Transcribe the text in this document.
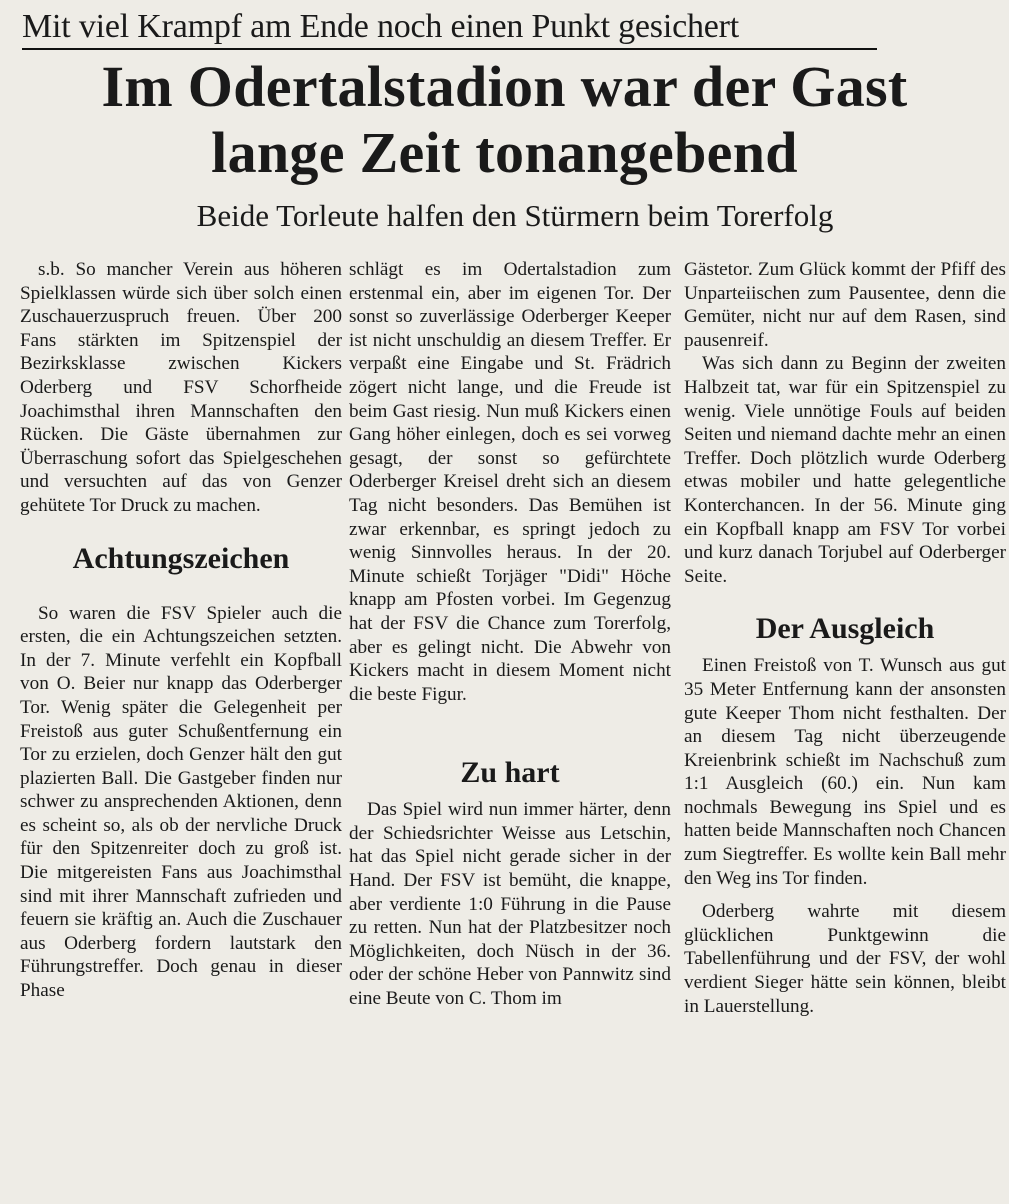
Mit viel Krampf am Ende noch einen Punkt gesichert
Im Odertalstadion war der Gast
lange Zeit tonangebend
Beide Torleute halfen den Stürmern beim Torerfolg

s.b. So mancher Verein aus höheren Spielklassen würde sich über solch einen Zuschauerzuspruch freuen. Über 200 Fans stärkten im Spitzenspiel der Bezirksklasse zwischen Kickers Oderberg und FSV Schorfheide Joachimsthal ihren Mannschaften den Rücken. Die Gäste übernahmen zur Überraschung sofort das Spielgeschehen und versuchten auf das von Genzer gehütete Tor Druck zu machen.

Achtungszeichen

So waren die FSV Spieler auch die ersten, die ein Achtungszeichen setzten. In der 7. Minute verfehlt ein Kopfball von O. Beier nur knapp das Oderberger Tor. Wenig später die Gelegenheit per Freistoß aus guter Schußentfernung ein Tor zu erzielen, doch Genzer hält den gut plazierten Ball. Die Gastgeber finden nur schwer zu ansprechenden Aktionen, denn es scheint so, als ob der nervliche Druck für den Spitzenreiter doch zu groß ist. Die mitgereisten Fans aus Joachimsthal sind mit ihrer Mannschaft zufrieden und feuern sie kräftig an. Auch die Zuschauer aus Oderberg fordern lautstark den Führungstreffer. Doch genau in dieser Phase

schlägt es im Odertalstadion zum erstenmal ein, aber im eigenen Tor. Der sonst so zuverlässige Oderberger Keeper ist nicht unschuldig an diesem Treffer. Er verpaßt eine Eingabe und St. Frädrich zögert nicht lange, und die Freude ist beim Gast riesig. Nun muß Kickers einen Gang höher einlegen, doch es sei vorweg gesagt, der sonst so gefürchtete Oderberger Kreisel dreht sich an diesem Tag nicht besonders. Das Bemühen ist zwar erkennbar, es springt jedoch zu wenig Sinnvolles heraus. In der 20. Minute schießt Torjäger "Didi" Höche knapp am Pfosten vorbei. Im Gegenzug hat der FSV die Chance zum Torerfolg, aber es gelingt nicht. Die Abwehr von Kickers macht in diesem Moment nicht die beste Figur.

Zu hart

Das Spiel wird nun immer härter, denn der Schiedsrichter Weisse aus Letschin, hat das Spiel nicht gerade sicher in der Hand. Der FSV ist bemüht, die knappe, aber verdiente 1:0 Führung in die Pause zu retten. Nun hat der Platzbesitzer noch Möglichkeiten, doch Nüsch in der 36. oder der schöne Heber von Pannwitz sind eine Beute von C. Thom im

Gästetor. Zum Glück kommt der Pfiff des Unparteiischen zum Pausentee, denn die Gemüter, nicht nur auf dem Rasen, sind pausenreif.

Was sich dann zu Beginn der zweiten Halbzeit tat, war für ein Spitzenspiel zu wenig. Viele unnötige Fouls auf beiden Seiten und niemand dachte mehr an einen Treffer. Doch plötzlich wurde Oderberg etwas mobiler und hatte gelegentliche Konterchancen. In der 56. Minute ging ein Kopfball knapp am FSV Tor vorbei und kurz danach Torjubel auf Oderberger Seite.

Der Ausgleich

Einen Freistoß von T. Wunsch aus gut 35 Meter Entfernung kann der ansonsten gute Keeper Thom nicht festhalten. Der an diesem Tag nicht überzeugende Kreienbrink schießt im Nachschuß zum 1:1 Ausgleich (60.) ein. Nun kam nochmals Bewegung ins Spiel und es hatten beide Mannschaften noch Chancen zum Siegtreffer. Es wollte kein Ball mehr den Weg ins Tor finden.

Oderberg wahrte mit diesem glücklichen Punktgewinn die Tabellenführung und der FSV, der wohl verdient Sieger hätte sein können, bleibt in Lauerstellung.
